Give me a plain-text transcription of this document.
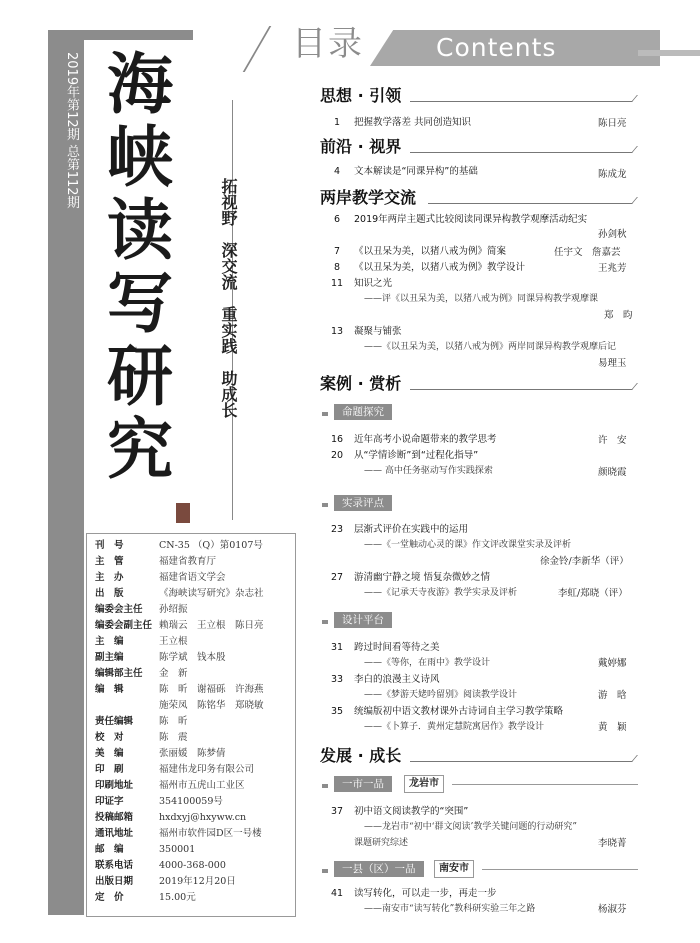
2019年第12期 总第112期 海
峡
读
写
研
究
拓视野　深交流　重实践　助成长
刊　号	CN-35 （Q）第0107号
主　管	福建省教育厅
主　办	福建省语文学会
出　版	《海峡读写研究》杂志社
编委会主任 孙绍振
编委会副主任 赖瑞云　王立根　陈日亮
主　编	王立根
副主编	陈学斌　钱本殷
编辑部主任 金　新
编　辑	陈　昕　谢福砾　许海燕
施荣凤　陈铭华　郑晓敏
责任编辑	陈　昕
校　对	陈　震
美　编	张丽媛　陈梦倩
印　刷	福建伟龙印务有限公司
印刷地址	福州市五虎山工业区
印证字	354100059号
投稿邮箱	hxdxyj@hxyww.cn
通讯地址	福州市软件园D区一号楼
邮　编	350001
联系电话	4000-368-000
出版日期	2019年12月20日
定　价	15.00元
目录	Contents
思想 · 引领
1 把握教学落差 共同创造知识	陈日亮
前沿 · 视界
4 文本解读是“同课异构”的基础	陈成龙
两岸教学交流
6 2019年两岸主题式比较阅读同课异构教学观摩活动纪实
孙剑秋
7 《以丑呆为美，以猪八戒为例》简案	任宇文　詹嘉芸
8 《以丑呆为美，以猪八戒为例》教学设计	王兆芳
11 知识之光
——评《以丑呆为美，以猪八戒为例》同课异构教学观摩课
郑　昀
13 凝聚与铺张
——《以丑呆为美，以猪八戒为例》两岸同课异构教学观摩后记
易理玉
案例 · 赏析
命题探究
16 近年高考小说命题带来的教学思考	许　安
20 从“学情诊断”到“过程化指导”
—— 高中任务驱动写作实践探索	颜晓霞
实录评点
23 层渐式评价在实践中的运用
——《一堂触动心灵的课》作文评改课堂实录及评析
徐金铃/李新华（评）
27 游清幽宁静之境 悟复杂微妙之情
——《记承天寺夜游》教学实录及评析	李虹/郑晓（评）
设计平台
31 跨过时间看等待之美
——《等你，在雨中》教学设计	戴婷娜
33 李白的浪漫主义诗风
——《梦游天姥吟留别》阅读教学设计	游　晗
35 统编版初中语文教材课外古诗词自主学习教学策略
——《卜算子．黄州定慧院寓居作》教学设计	黄　颖
发展 · 成长
一市一品	龙岩市
37 初中语文阅读教学的“突围”
——龙岩市“初中‘群文阅读’教学关键问题的行动研究”
课题研究综述	李晓菁
一县（区）一品	南安市
41 读写转化，可以走一步，再走一步
——南安市“读写转化”教科研实验三年之路	杨淑芬
